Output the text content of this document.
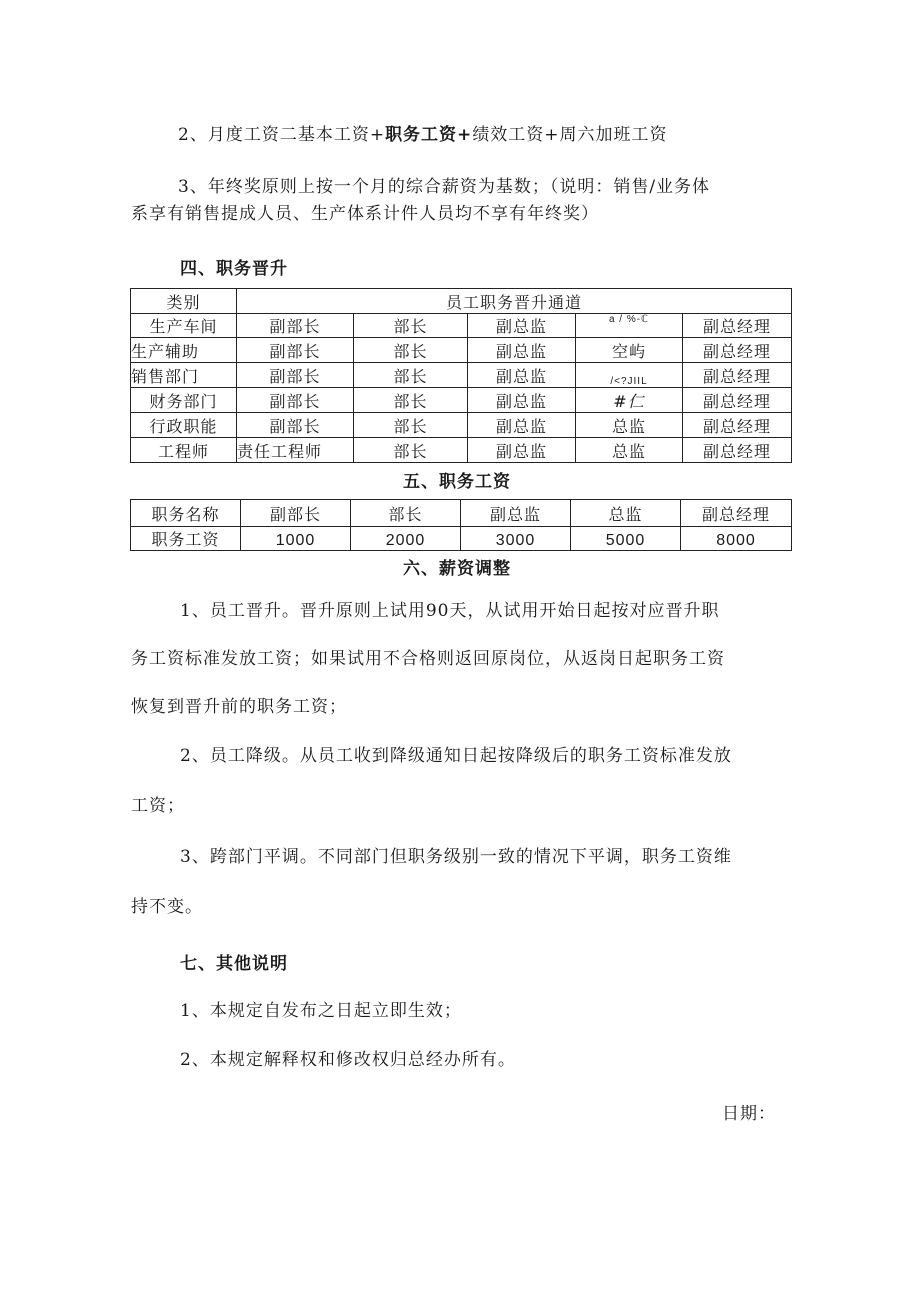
2、月度工资二基本工资+职务工资+绩效工资+周六加班工资
3、年终奖原则上按一个月的综合薪资为基数；（说明：销售/业务体
系享有销售提成人员、生产体系计件人员均不享有年终奖）
四、职务晋升
类别	员工职务晋升通道				
生产车间	副部长	部长	副总监	a / %-ℂ	副总经理
生产辅助	副部长	部长	副总监	空屿	副总经理
销售部门	副部长	部长	副总监	/<?JIIL	副总经理
财务部门	副部长	部长	副总监	#仁	副总经理
行政职能	副部长	部长	副总监	总监	副总经理
工程师	责任工程师	部长	副总监	总监	副总经理
五、职务工资
职务名称	副部长	部长	副总监	总监	副总经理
职务工资	1000	2000	3000	5000	8000
六、薪资调整
1、员工晋升。晋升原则上试用90天，从试用开始日起按对应晋升职
务工资标准发放工资；如果试用不合格则返回原岗位，从返岗日起职务工资
恢复到晋升前的职务工资；
2、员工降级。从员工收到降级通知日起按降级后的职务工资标准发放
工资；
3、跨部门平调。不同部门但职务级别一致的情况下平调，职务工资维
持不变。
七、其他说明
1、本规定自发布之日起立即生效；
2、本规定解释权和修改权归总经办所有。
日期：
